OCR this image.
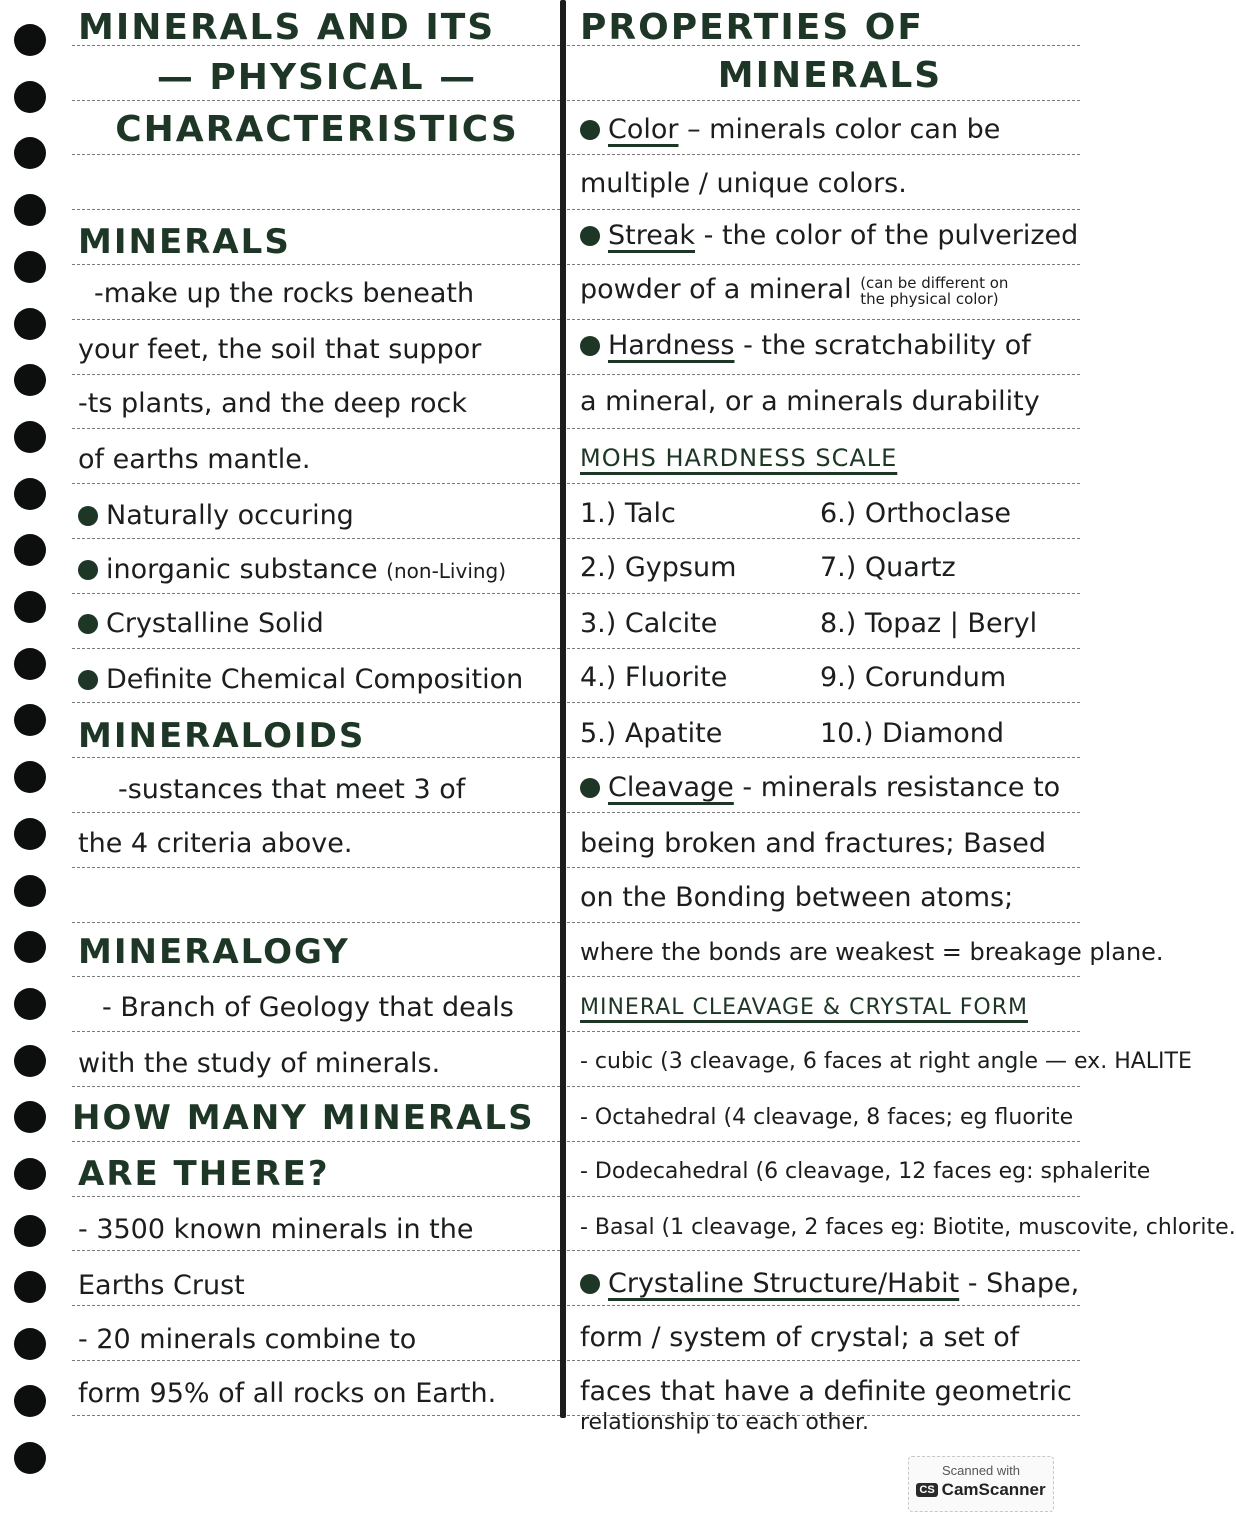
MINERALS AND ITS
— PHYSICAL —
CHARACTERISTICS
MINERALS
-make up the rocks beneath
your feet, the soil that suppor
-ts plants, and the deep rock
of earths mantle.
Naturally occuring
inorganic substance (non-Living)
Crystalline Solid
Definite Chemical Composition
MINERALOIDS
-sustances that meet 3 of
the 4 criteria above.
MINERALOGY
- Branch of Geology that deals
with the study of minerals.
HOW MANY MINERALS
ARE THERE?
- 3500 known minerals in the
Earths Crust
- 20 minerals combine to
form 95% of all rocks on Earth.
PROPERTIES OF
MINERALS
Color – minerals color can be
multiple / unique colors.
Streak - the color of the pulverized
powder of a mineral (can be different on the physical color)
Hardness - the scratchability of
a mineral, or a minerals durability
MOHS HARDNESS SCALE
1.) Talc	6.) Orthoclase
2.) Gypsum	7.) Quartz
3.) Calcite	8.) Topaz | Beryl
4.) Fluorite	9.) Corundum
5.) Apatite	10.) Diamond
Cleavage - minerals resistance to
being broken and fractures; Based
on the Bonding between atoms;
where the bonds are weakest = breakage plane.
MINERAL CLEAVAGE & CRYSTAL FORM
- cubic (3 cleavage, 6 faces at right angle — ex. HALITE
- Octahedral (4 cleavage, 8 faces; eg fluorite
- Dodecahedral (6 cleavage, 12 faces eg: sphalerite
- Basal (1 cleavage, 2 faces eg: Biotite, muscovite, chlorite.
Crystaline Structure/Habit - Shape,
form / system of crystal; a set of
faces that have a definite geometric
relationship to each other.
Scanned with
CS CamScanner
